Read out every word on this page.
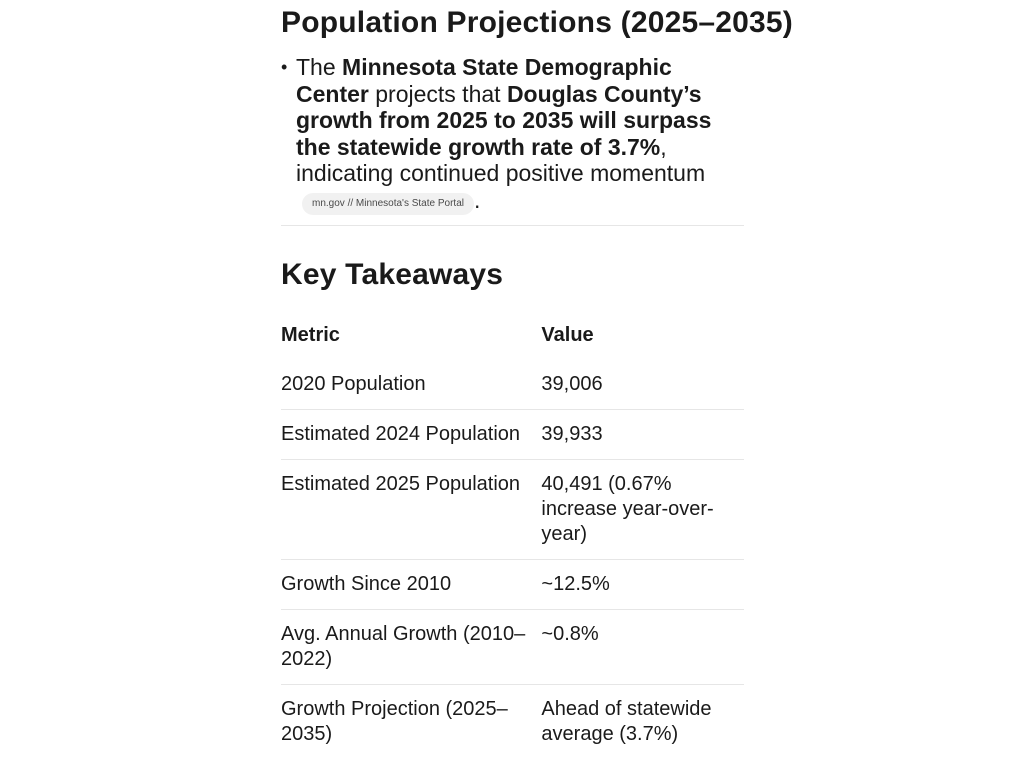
Population Projections (2025–2035)
• The Minnesota State Demographic Center projects that Douglas County’s growth from 2025 to 2035 will surpass the statewide growth rate of 3.7%, indicating continued positive momentummn.gov // Minnesota's State Portal .
Key Takeaways
Metric	Value
2020 Population	39,006
Estimated 2024 Population	39,933
Estimated 2025 Population	40,491 (0.67% increase year-over-year)
Growth Since 2010	~12.5%
Avg. Annual Growth (2010–2022)	~0.8%
Growth Projection (2025–2035)	Ahead of statewide average (3.7%)
